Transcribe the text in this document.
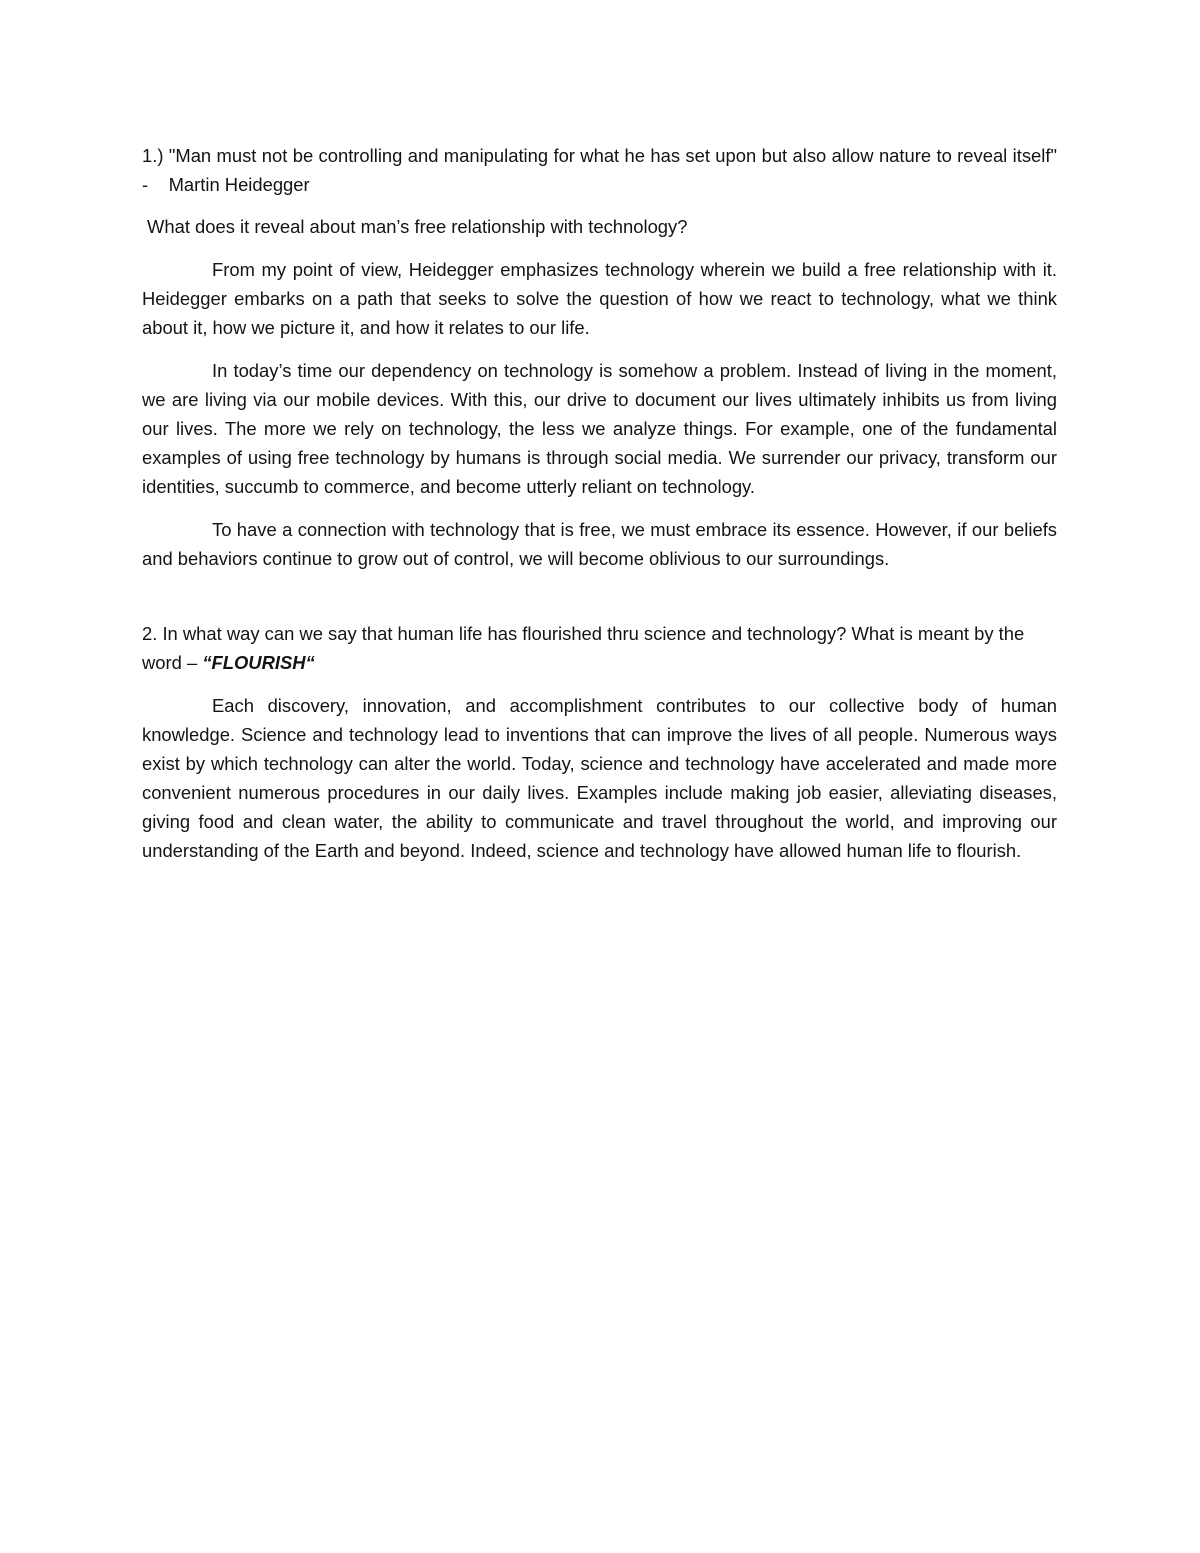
1.) "Man must not be controlling and manipulating for what he has set upon but also allow nature to reveal itself" - Martin Heidegger

What does it reveal about man’s free relationship with technology?

From my point of view, Heidegger emphasizes technology wherein we build a free relationship with it. Heidegger embarks on a path that seeks to solve the question of how we react to technology, what we think about it, how we picture it, and how it relates to our life.

In today’s time our dependency on technology is somehow a problem. Instead of living in the moment, we are living via our mobile devices. With this, our drive to document our lives ultimately inhibits us from living our lives. The more we rely on technology, the less we analyze things. For example, one of the fundamental examples of using free technology by humans is through social media. We surrender our privacy, transform our identities, succumb to commerce, and become utterly reliant on technology.

To have a connection with technology that is free, we must embrace its essence. However, if our beliefs and behaviors continue to grow out of control, we will become oblivious to our surroundings.

2. In what way can we say that human life has flourished thru science and technology? What is meant by the word – “FLOURISH“

Each discovery, innovation, and accomplishment contributes to our collective body of human knowledge. Science and technology lead to inventions that can improve the lives of all people. Numerous ways exist by which technology can alter the world. Today, science and technology have accelerated and made more convenient numerous procedures in our daily lives. Examples include making job easier, alleviating diseases, giving food and clean water, the ability to communicate and travel throughout the world, and improving our understanding of the Earth and beyond. Indeed, science and technology have allowed human life to flourish.
